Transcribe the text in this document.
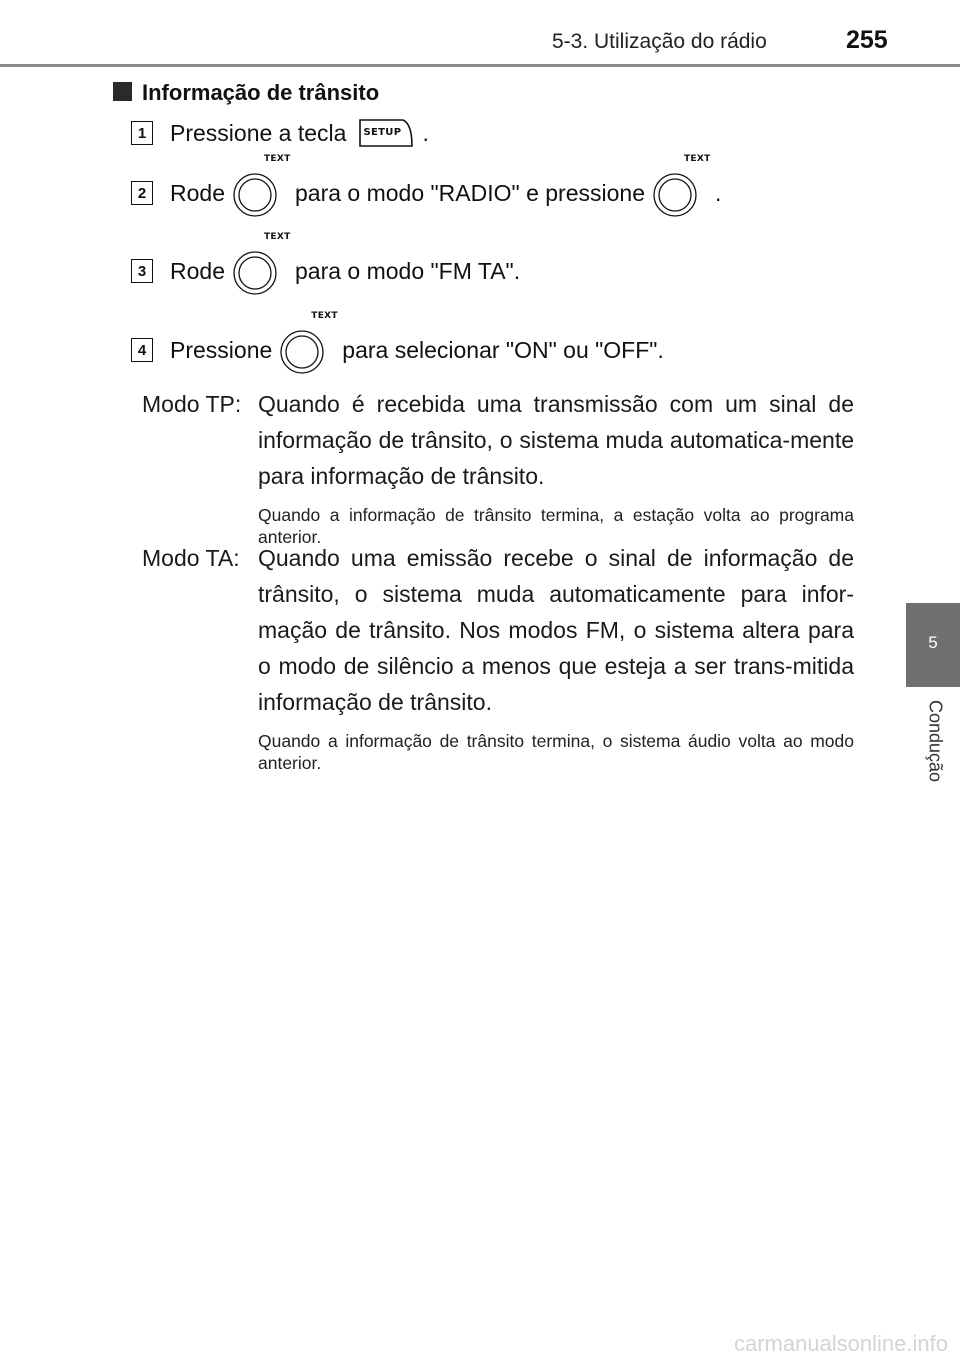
5-3. Utilização do rádio	255
5
Condução
Informação de trânsito
1 Pressione a tecla	SETUP .
2 Rode
TEXT
para o modo "RADIO" e pressione
TEXT
.
3 Rode
TEXT
para o modo "FM TA".
4 Pressione
TEXT
para selecionar "ON" ou "OFF".
Modo TP: Quando é recebida uma transmissão com um sinal de informação de trânsito, o sistema muda automatica-mente para informação de trânsito.
Quando a informação de trânsito termina, a estação volta ao programa anterior.
Modo TA: Quando uma emissão recebe o sinal de informação de trânsito, o sistema muda automaticamente para infor-mação de trânsito. Nos modos FM, o sistema altera para o modo de silêncio a menos que esteja a ser trans-mitida informação de trânsito.
Quando a informação de trânsito termina, o sistema áudio volta ao modo anterior.
carmanualsonline.info
